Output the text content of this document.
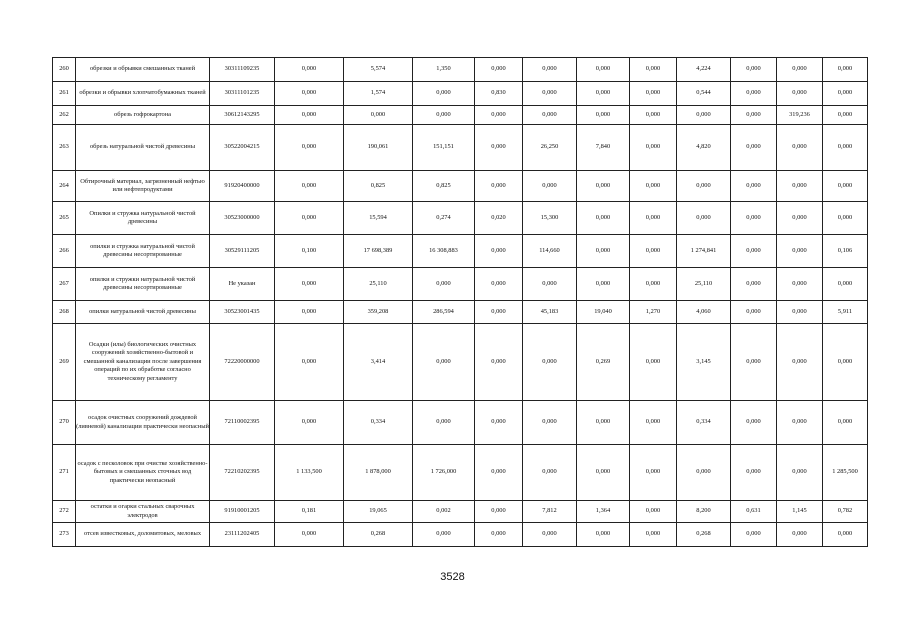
260	обрезки и обрывки смешанных тканей	30311109235	0,000	5,574	1,350	0,000	0,000	0,000	0,000	4,224	0,000	0,000	0,000
261	обрезки и обрывки хлопчатобумажных тканей	30311101235	0,000	1,574	0,000	0,830	0,000	0,000	0,000	0,544	0,000	0,000	0,000
262	обрезь гофрокартона	30612143295	0,000	0,000	0,000	0,000	0,000	0,000	0,000	0,000	0,000	319,236	0,000
263	обрезь натуральной чистой древесины	30522004215	0,000	190,061	151,151	0,000	26,250	7,840	0,000	4,820	0,000	0,000	0,000
264	Обтирочный материал, загрязненный нефтью или нефтепродуктами	91920400000	0,000	0,825	0,825	0,000	0,000	0,000	0,000	0,000	0,000	0,000	0,000
265	Опилки и стружка натуральной чистой древесины	30523000000	0,000	15,594	0,274	0,020	15,300	0,000	0,000	0,000	0,000	0,000	0,000
266	опилки и стружка натуральной чистой древесины несортированные	30529111205	0,100	17 698,389	16 308,883	0,000	114,660	0,000	0,000	1 274,841	0,000	0,000	0,106
267	опилки и стружки натуральной чистой древесины несортированные	Не указан	0,000	25,110	0,000	0,000	0,000	0,000	0,000	25,110	0,000	0,000	0,000
268	опилки натуральной чистой древесины	30523001435	0,000	359,208	286,594	0,000	45,183	19,040	1,270	4,060	0,000	0,000	5,911
269	Осадки (илы) биологических очистных сооружений хозяйственно-бытовой и смешанной канализации после завершения операций по их обработке согласно техническому регламенту	72220000000	0,000	3,414	0,000	0,000	0,000	0,269	0,000	3,145	0,000	0,000	0,000
270	осадок очистных сооружений дождевой (ливневой) канализации практически неопасный	72110002395	0,000	0,334	0,000	0,000	0,000	0,000	0,000	0,334	0,000	0,000	0,000
271	осадок с песколовок при очистке хозяйственно-бытовых и смешанных сточных вод практически неопасный	72210202395	1 133,500	1 878,000	1 726,000	0,000	0,000	0,000	0,000	0,000	0,000	0,000	1 285,500
272	остатки и огарки стальных сварочных электродов	91910001205	0,181	19,065	0,002	0,000	7,812	1,364	0,000	8,200	0,631	1,145	0,782
273	отсев известковых, доломитовых, меловых	23111202405	0,000	0,268	0,000	0,000	0,000	0,000	0,000	0,268	0,000	0,000	0,000
3528
